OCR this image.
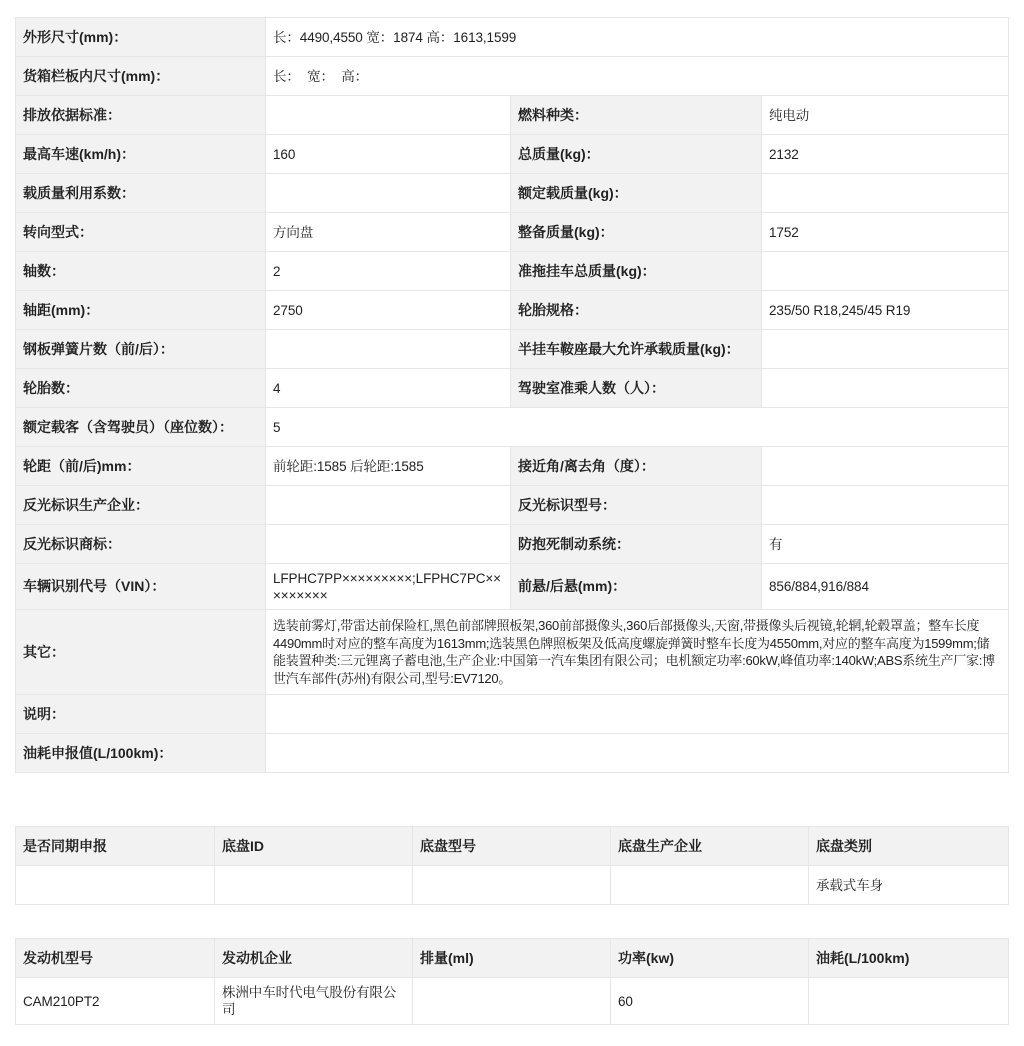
外形尺寸(mm)：	长：4490,4550 宽：1874 高：1613,1599		
货箱栏板内尺寸(mm)：	长：  宽：  高：		
排放依据标准：		燃料种类：	纯电动
最高车速(km/h)：	160	总质量(kg)：	2132
载质量利用系数：		额定载质量(kg)：	
转向型式：	方向盘	整备质量(kg)：	1752
轴数：	2	准拖挂车总质量(kg)：	
轴距(mm)：	2750	轮胎规格：	235/50 R18,245/45 R19
钢板弹簧片数（前/后）：		半挂车鞍座最大允许承载质量(kg)：	
轮胎数：	4	驾驶室准乘人数（人）：	
额定载客（含驾驶员）（座位数）：	5		
轮距（前/后)mm：	前轮距:1585 后轮距:1585	接近角/离去角（度）：	
反光标识生产企业：		反光标识型号：	
反光标识商标：		防抱死制动系统：	有
车辆识别代号（VIN）：	LFPHC7PP×××××××××;LFPHC7PC×××××××××	前悬/后悬(mm)：	856/884,916/884
其它：	选装前雾灯,带雷达前保险杠,黑色前部牌照板架,360前部摄像头,360后部摄像头,天窗,带摄像头后视镜,轮辋,轮毂罩盖；整车长度4490mm时对应的整车高度为1613mm;选装黑色牌照板架及低高度螺旋弹簧时整车长度为4550mm,对应的整车高度为1599mm;储能装置种类:三元锂离子蓄电池,生产企业:中国第一汽车集团有限公司；电机额定功率:60kW,峰值功率:140kW;ABS系统生产厂家:博世汽车部件(苏州)有限公司,型号:EV7120。		
说明：			
油耗申报值(L/100km)：			
是否同期申报	底盘ID	底盘型号	底盘生产企业	底盘类别
				承载式车身
发动机型号	发动机企业	排量(ml)	功率(kw)	油耗(L/100km)
CAM210PT2	株洲中车时代电气股份有限公司		60	
